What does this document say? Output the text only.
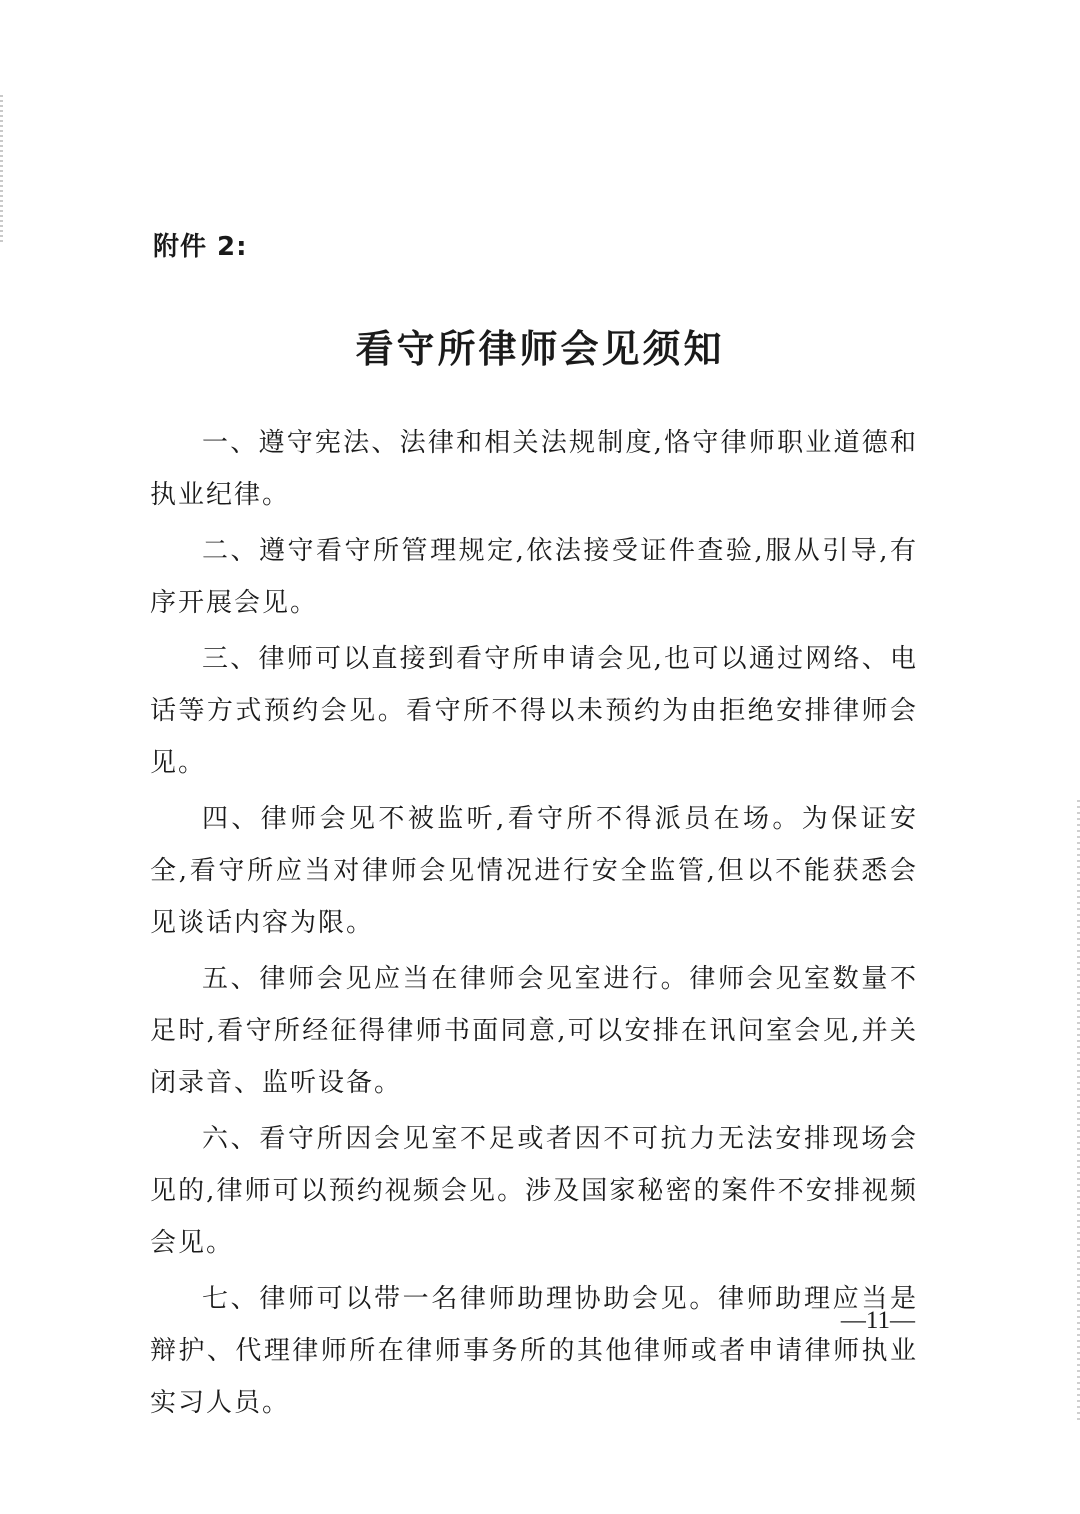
附件 2:
看守所律师会见须知

一、遵守宪法、法律和相关法规制度,恪守律师职业道德和执业纪律。

二、遵守看守所管理规定,依法接受证件查验,服从引导,有序开展会见。

三、律师可以直接到看守所申请会见,也可以通过网络、电话等方式预约会见。看守所不得以未预约为由拒绝安排律师会见。

四、律师会见不被监听,看守所不得派员在场。为保证安全,看守所应当对律师会见情况进行安全监管,但以不能获悉会见谈话内容为限。

五、律师会见应当在律师会见室进行。律师会见室数量不足时,看守所经征得律师书面同意,可以安排在讯问室会见,并关闭录音、监听设备。

六、看守所因会见室不足或者因不可抗力无法安排现场会见的,律师可以预约视频会见。涉及国家秘密的案件不安排视频会见。

七、律师可以带一名律师助理协助会见。律师助理应当是辩护、代理律师所在律师事务所的其他律师或者申请律师执业实习人员。

—11—
